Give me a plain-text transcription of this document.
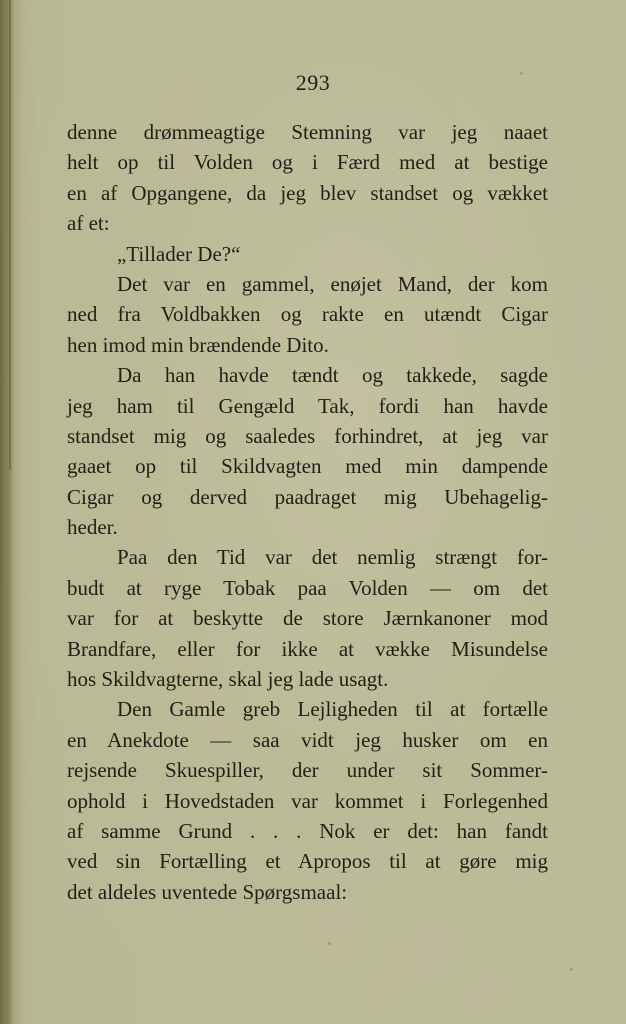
293
denne drømmeagtige Stemning var jeg naaet
helt op til Volden og i Færd med at bestige
en af Opgangene, da jeg blev standset og vækket
af et:
„Tillader De?“
Det var en gammel, enøjet Mand, der kom
ned fra Voldbakken og rakte en utændt Cigar
hen imod min brændende Dito.
Da han havde tændt og takkede, sagde
jeg ham til Gengæld Tak, fordi han havde
standset mig og saaledes forhindret, at jeg var
gaaet op til Skildvagten med min dampende
Cigar og derved paadraget mig Ubehagelig-
heder.
Paa den Tid var det nemlig strængt for-
budt at ryge Tobak paa Volden — om det
var for at beskytte de store Jærnkanoner mod
Brandfare, eller for ikke at vække Misundelse
hos Skildvagterne, skal jeg lade usagt.
Den Gamle greb Lejligheden til at fortælle
en Anekdote — saa vidt jeg husker om en
rejsende Skuespiller, der under sit Sommer-
ophold i Hovedstaden var kommet i Forlegenhed
af samme Grund . . . Nok er det: han fandt
ved sin Fortælling et Apropos til at gøre mig
det aldeles uventede Spørgsmaal:
